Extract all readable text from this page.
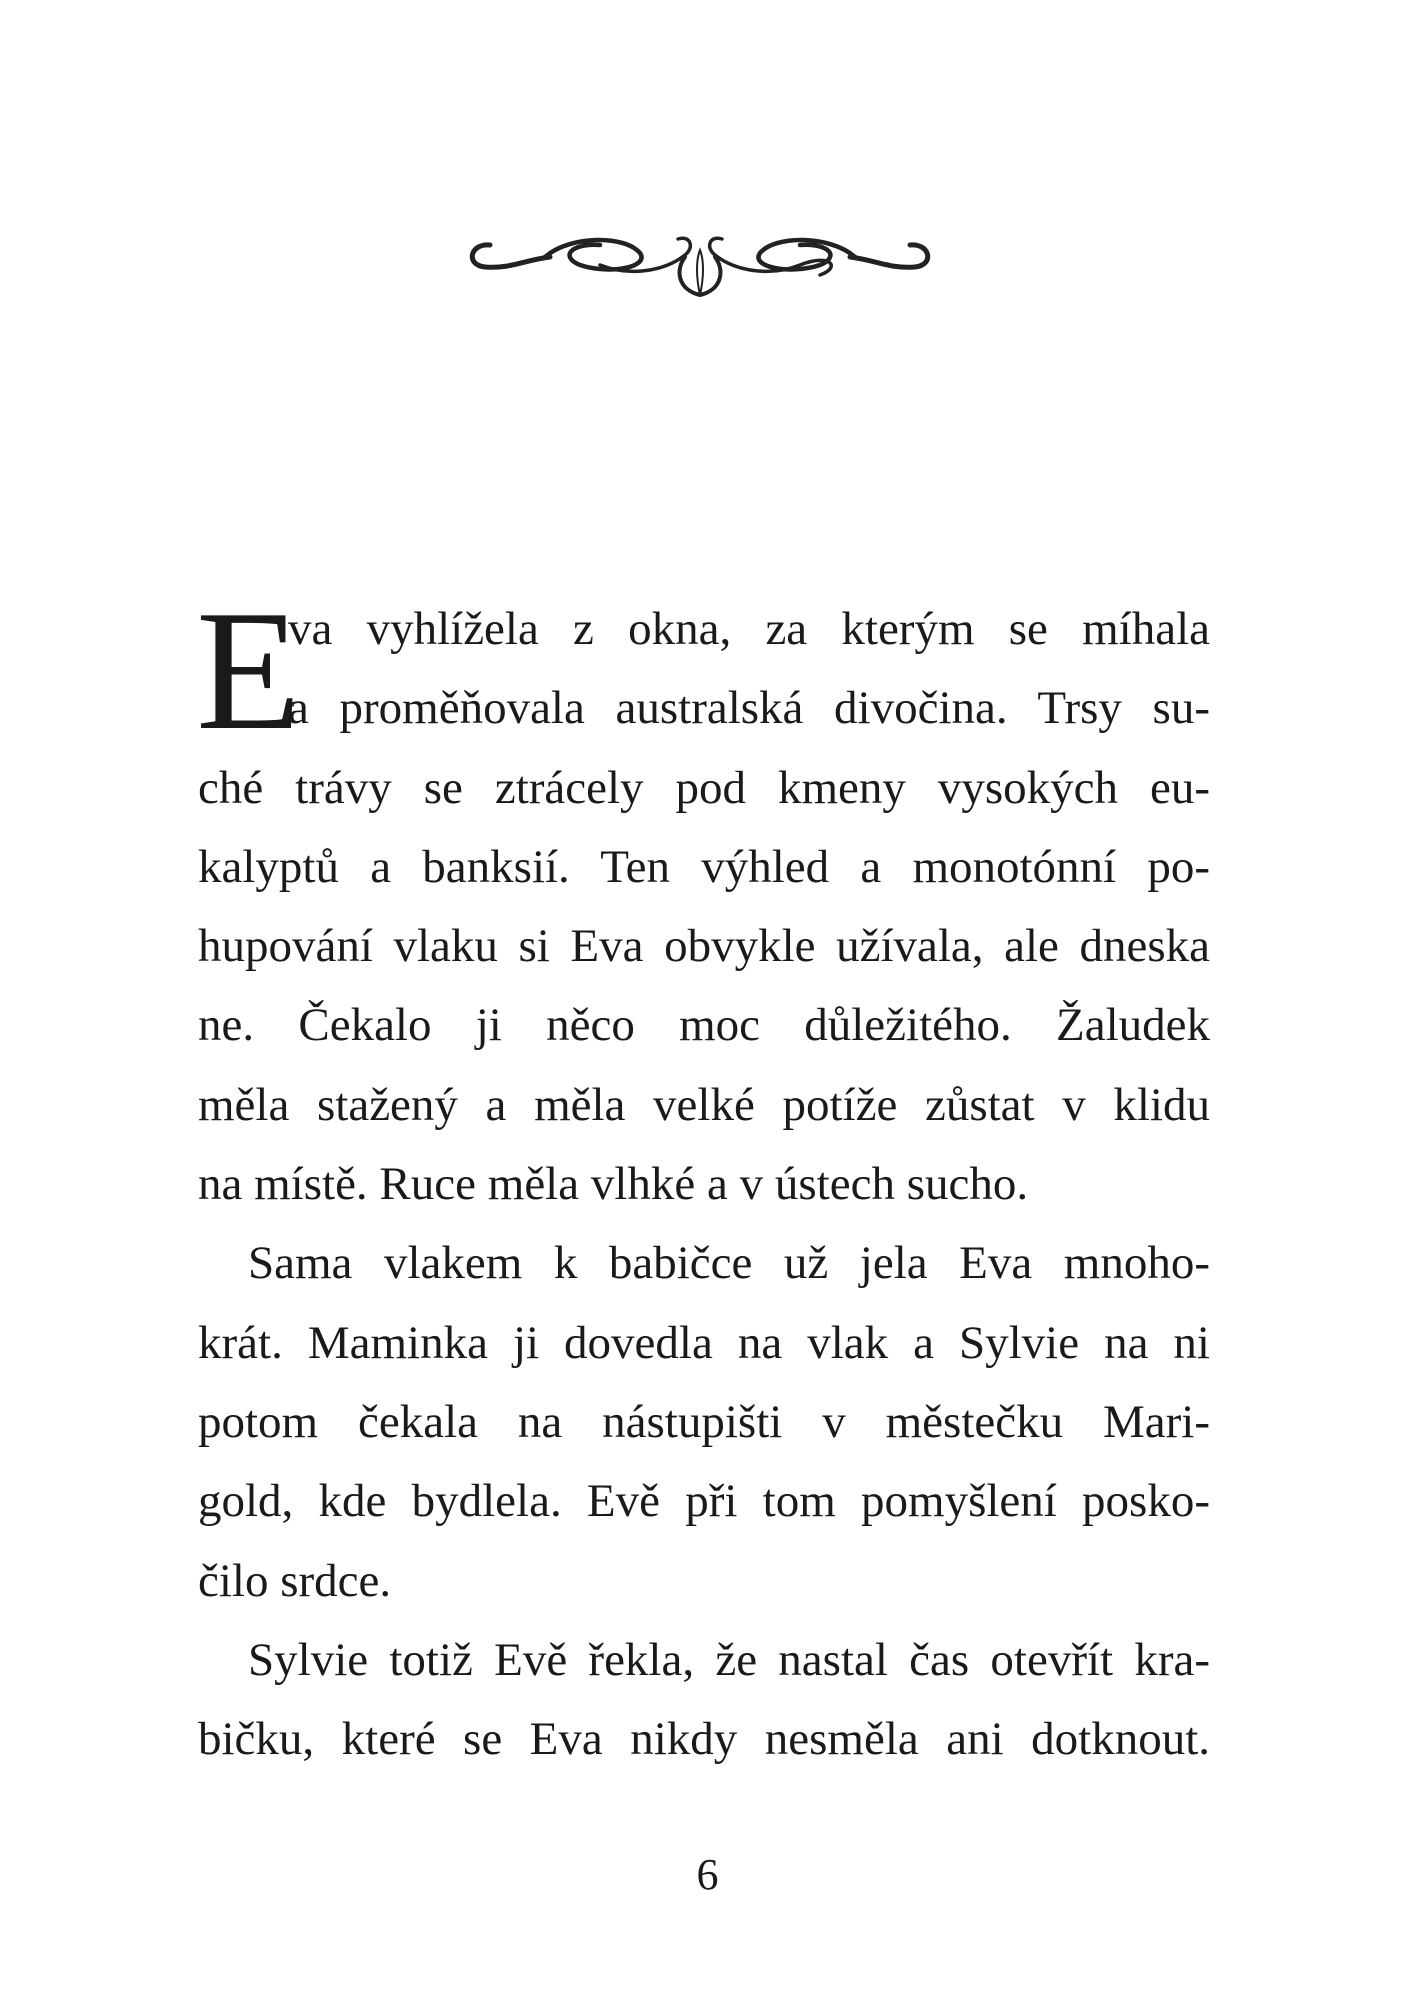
E
va vyhlížela z okna, za kterým se míhala
a proměňovala australská divočina. Trsy su-
ché trávy se ztrácely pod kmeny vysokých eu-
kalyptů a banksií. Ten výhled a monotónní po-
hupování vlaku si Eva obvykle užívala, ale dneska
ne. Čekalo ji něco moc důležitého. Žaludek
měla stažený a měla velké potíže zůstat v klidu
na místě. Ruce měla vlhké a v ústech sucho.
Sama vlakem k babičce už jela Eva mnoho-
krát. Maminka ji dovedla na vlak a Sylvie na ni
potom čekala na nástupišti v městečku Mari-
gold, kde bydlela. Evě při tom pomyšlení posko-
čilo srdce.
Sylvie totiž Evě řekla, že nastal čas otevřít kra-
bičku, které se Eva nikdy nesměla ani dotknout.
6
